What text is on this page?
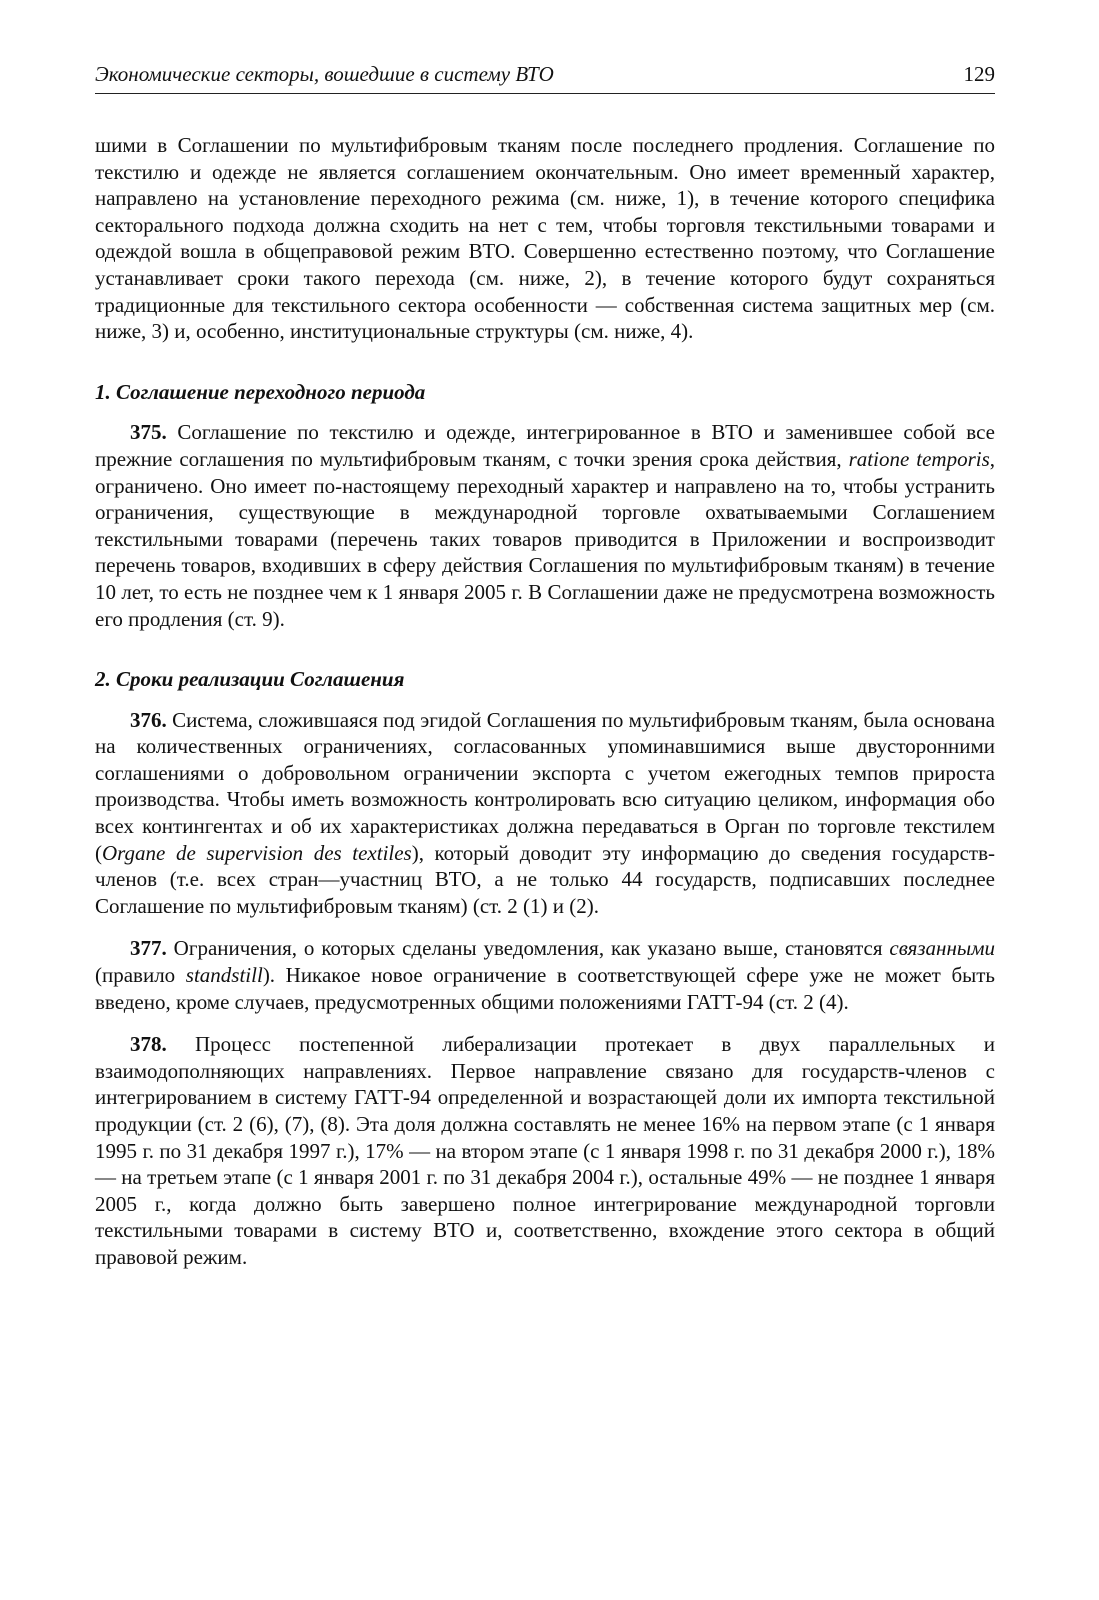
Экономические секторы, вошедшие в систему ВТО	129

шими в Соглашении по мультифибровым тканям после последнего продления. Соглашение по текстилю и одежде не является соглашением окончательным. Оно имеет временный характер, направлено на установление переходного режима (см. ниже, 1), в течение которого специфика секторального подхода должна сходить на нет с тем, чтобы торговля текстильными товарами и одеждой вошла в общеправовой режим ВТО. Совершенно естественно поэтому, что Соглашение устанавливает сроки такого перехода (см. ниже, 2), в течение которого будут сохраняться традиционные для текстильного сектора особенности — собственная система защитных мер (см. ниже, 3) и, особенно, институциональные структуры (см. ниже, 4).

1. Соглашение переходного периода

375. Соглашение по текстилю и одежде, интегрированное в ВТО и заменившее собой все прежние соглашения по мультифибровым тканям, с точки зрения срока действия, ratione temporis, ограничено. Оно имеет по-настоящему переходный характер и направлено на то, чтобы устранить ограничения, существующие в международной торговле охватываемыми Соглашением текстильными товарами (перечень таких товаров приводится в Приложении и воспроизводит перечень товаров, входивших в сферу действия Соглашения по мультифибровым тканям) в течение 10 лет, то есть не позднее чем к 1 января 2005 г. В Соглашении даже не предусмотрена возможность его продления (ст. 9).

2. Сроки реализации Соглашения

376. Система, сложившаяся под эгидой Соглашения по мультифибровым тканям, была основана на количественных ограничениях, согласованных упоминавшимися выше двусторонними соглашениями о добровольном ограничении экспорта с учетом ежегодных темпов прироста производства. Чтобы иметь возможность контролировать всю ситуацию целиком, информация обо всех контингентах и об их характеристиках должна передаваться в Орган по торговле текстилем (Organe de supervision des textiles), который доводит эту информацию до сведения государств-членов (т.е. всех стран—участниц ВТО, а не только 44 государств, подписавших последнее Соглашение по мультифибровым тканям) (ст. 2 (1) и (2).

377. Ограничения, о которых сделаны уведомления, как указано выше, становятся связанными (правило standstill). Никакое новое ограничение в соответствующей сфере уже не может быть введено, кроме случаев, предусмотренных общими положениями ГАТТ-94 (ст. 2 (4).

378. Процесс постепенной либерализации протекает в двух параллельных и взаимодополняющих направлениях. Первое направление связано для государств-членов с интегрированием в систему ГАТТ-94 определенной и возрастающей доли их импорта текстильной продукции (ст. 2 (6), (7), (8). Эта доля должна составлять не менее 16% на первом этапе (с 1 января 1995 г. по 31 декабря 1997 г.), 17% — на втором этапе (с 1 января 1998 г. по 31 декабря 2000 г.), 18% — на третьем этапе (с 1 января 2001 г. по 31 декабря 2004 г.), остальные 49% — не позднее 1 января 2005 г., когда должно быть завершено полное интегрирование международной торговли текстильными товарами в систему ВТО и, соответственно, вхождение этого сектора в общий правовой режим.
